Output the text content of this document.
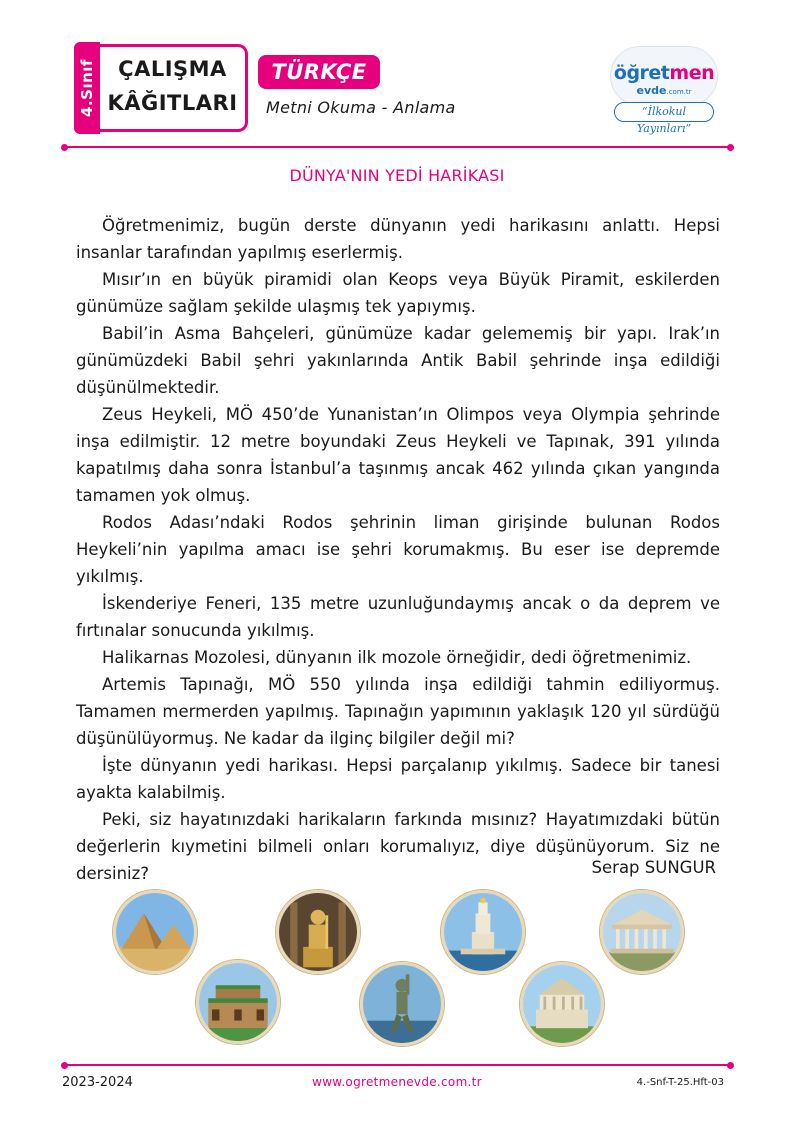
4.Sınıf	ÇALIŞMA
KÂĞITLARI
TÜRKÇE
Metni Okuma - Anlama
öğretmen
evde.com.tr
“İlkokul Yayınları”
DÜNYA'NIN YEDİ HARİKASI

Öğretmenimiz, bugün derste dünyanın yedi harikasını anlattı. Hepsi insanlar tarafından yapılmış eserlermiş.

Mısır’ın en büyük piramidi olan Keops veya Büyük Piramit, eskilerden günümüze sağlam şekilde ulaşmış tek yapıymış.

Babil’in Asma Bahçeleri, günümüze kadar gelememiş bir yapı. Irak’ın günümüzdeki Babil şehri yakınlarında Antik Babil şehrinde inşa edildiği düşünülmektedir.

Zeus Heykeli, MÖ 450’de Yunanistan’ın Olimpos veya Olympia şehrinde inşa edilmiştir. 12 metre boyundaki Zeus Heykeli ve Tapınak, 391 yılında kapatılmış daha sonra İstanbul’a taşınmış ancak 462 yılında çıkan yangında tamamen yok olmuş.

Rodos Adası’ndaki Rodos şehrinin liman girişinde bulunan Rodos Heykeli’nin yapılma amacı ise şehri korumakmış. Bu eser ise depremde yıkılmış.

İskenderiye Feneri, 135 metre uzunluğundaymış ancak o da deprem ve fırtınalar sonucunda yıkılmış.

Halikarnas Mozolesi, dünyanın ilk mozole örneğidir, dedi öğretmenimiz.

Artemis Tapınağı, MÖ 550 yılında inşa edildiği tahmin ediliyormuş. Tamamen mermerden yapılmış. Tapınağın yapımının yaklaşık 120 yıl sürdüğü düşünülüyormuş. Ne kadar da ilginç bilgiler değil mi?

İşte dünyanın yedi harikası. Hepsi parçalanıp yıkılmış. Sadece bir tanesi ayakta kalabilmiş.

Peki, siz hayatınızdaki harikaların farkında mısınız? Hayatımızdaki bütün değerlerin kıymetini bilmeli onları korumalıyız, diye düşünüyorum. Siz ne dersiniz?	Serap SUNGUR
2023-2024	www.ogretmenevde.com.tr	4.-Snf-T-25.Hft-03
